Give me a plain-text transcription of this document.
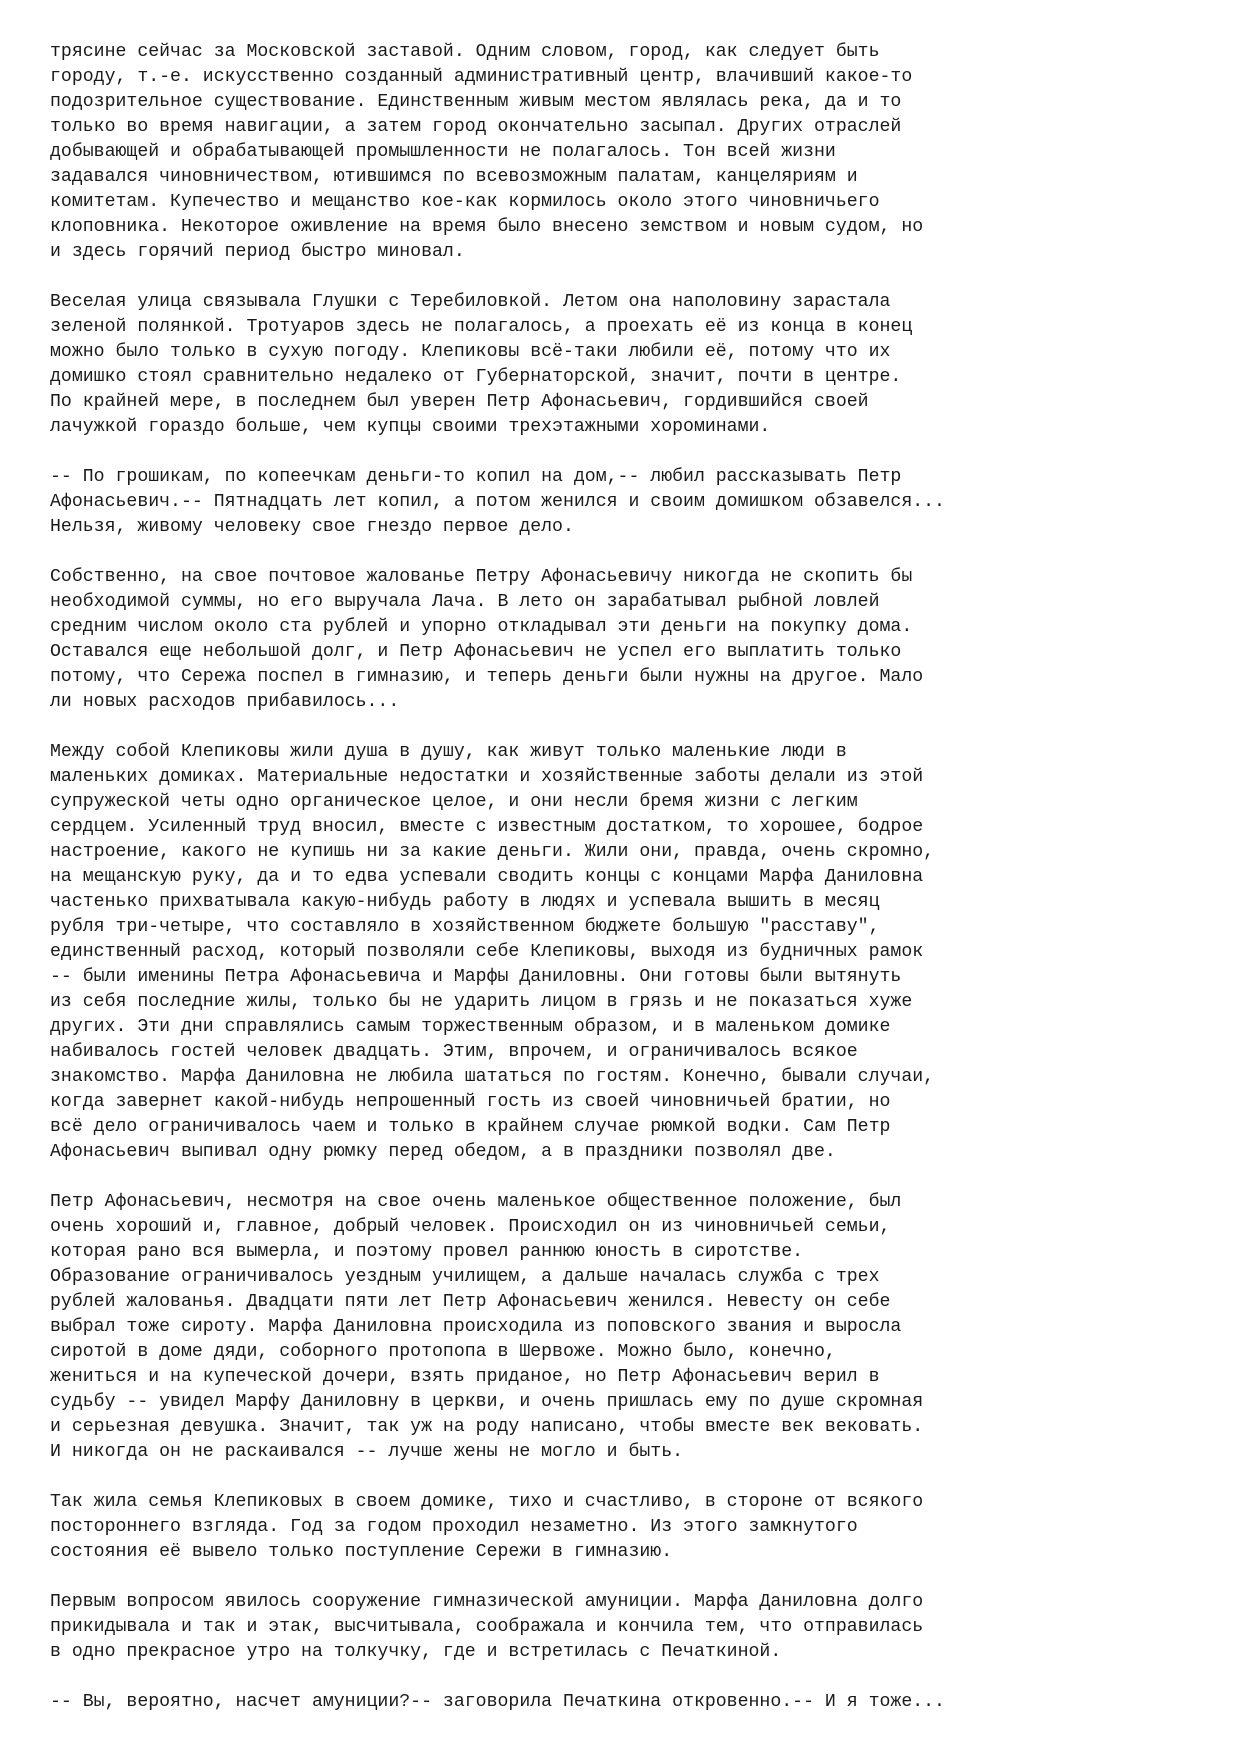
трясине сейчас за Московской заставой. Одним словом, город, как следует быть
городу, т.-е. искусственно созданный административный центр, влачивший какое-то
подозрительное существование. Единственным живым местом являлась река, да и то
только во время навигации, а затем город окончательно засыпал. Других отраслей
добывающей и обрабатывающей промышленности не полагалось. Тон всей жизни
задавался чиновничеством, ютившимся по всевозможным палатам, канцеляриям и
комитетам. Купечество и мещанство кое-как кормилось около этого чиновничьего
клоповника. Некоторое оживление на время было внесено земством и новым судом, но
и здесь горячий период быстро миновал.

Веселая улица связывала Глушки с Теребиловкой. Летом она наполовину зарастала
зеленой полянкой. Тротуаров здесь не полагалось, а проехать её из конца в конец
можно было только в сухую погоду. Клепиковы всё-таки любили её, потому что их
домишко стоял сравнительно недалеко от Губернаторской, значит, почти в центре.
По крайней мере, в последнем был уверен Петр Афонасьевич, гордившийся своей
лачужкой гораздо больше, чем купцы своими трехэтажными хороминами.

-- По грошикам, по копеечкам деньги-то копил на дом,-- любил рассказывать Петр
Афонасьевич.-- Пятнадцать лет копил, а потом женился и своим домишком обзавелся...
Нельзя, живому человеку свое гнездо первое дело.

Собственно, на свое почтовое жалованье Петру Афонасьевичу никогда не скопить бы
необходимой суммы, но его выручала Лача. В лето он зарабатывал рыбной ловлей
средним числом около ста рублей и упорно откладывал эти деньги на покупку дома.
Оставался еще небольшой долг, и Петр Афонасьевич не успел его выплатить только
потому, что Сережа поспел в гимназию, и теперь деньги были нужны на другое. Мало
ли новых расходов прибавилось...

Между собой Клепиковы жили душа в душу, как живут только маленькие люди в
маленьких домиках. Материальные недостатки и хозяйственные заботы делали из этой
супружеской четы одно органическое целое, и они несли бремя жизни с легким
сердцем. Усиленный труд вносил, вместе с известным достатком, то хорошее, бодрое
настроение, какого не купишь ни за какие деньги. Жили они, правда, очень скромно,
на мещанскую руку, да и то едва успевали сводить концы с концами Марфа Даниловна
частенько прихватывала какую-нибудь работу в людях и успевала вышить в месяц
рубля три-четыре, что составляло в хозяйственном бюджете большую "расставу",
единственный расход, который позволяли себе Клепиковы, выходя из будничных рамок
-- были именины Петра Афонасьевича и Марфы Даниловны. Они готовы были вытянуть
из себя последние жилы, только бы не ударить лицом в грязь и не показаться хуже
других. Эти дни справлялись самым торжественным образом, и в маленьком домике
набивалось гостей человек двадцать. Этим, впрочем, и ограничивалось всякое
знакомство. Марфа Даниловна не любила шататься по гостям. Конечно, бывали случаи,
когда завернет какой-нибудь непрошенный гость из своей чиновничьей братии, но
всё дело ограничивалось чаем и только в крайнем случае рюмкой водки. Сам Петр
Афонасьевич выпивал одну рюмку перед обедом, а в праздники позволял две.

Петр Афонасьевич, несмотря на свое очень маленькое общественное положение, был
очень хороший и, главное, добрый человек. Происходил он из чиновничьей семьи,
которая рано вся вымерла, и поэтому провел раннюю юность в сиротстве.
Образование ограничивалось уездным училищем, а дальше началась служба с трех
рублей жалованья. Двадцати пяти лет Петр Афонасьевич женился. Невесту он себе
выбрал тоже сироту. Марфа Даниловна происходила из поповского звания и выросла
сиротой в доме дяди, соборного протопопа в Шервоже. Можно было, конечно,
жениться и на купеческой дочери, взять приданое, но Петр Афонасьевич верил в
судьбу -- увидел Марфу Даниловну в церкви, и очень пришлась ему по душе скромная
и серьезная девушка. Значит, так уж на роду написано, чтобы вместе век вековать.
И никогда он не раскаивался -- лучше жены не могло и быть.

Так жила семья Клепиковых в своем домике, тихо и счастливо, в стороне от всякого
постороннего взгляда. Год за годом проходил незаметно. Из этого замкнутого
состояния её вывело только поступление Сережи в гимназию.

Первым вопросом явилось сооружение гимназической амуниции. Марфа Даниловна долго
прикидывала и так и этак, высчитывала, соображала и кончила тем, что отправилась
в одно прекрасное утро на толкучку, где и встретилась с Печаткиной.

-- Вы, вероятно, насчет амуниции?-- заговорила Печаткина откровенно.-- И я тоже...
